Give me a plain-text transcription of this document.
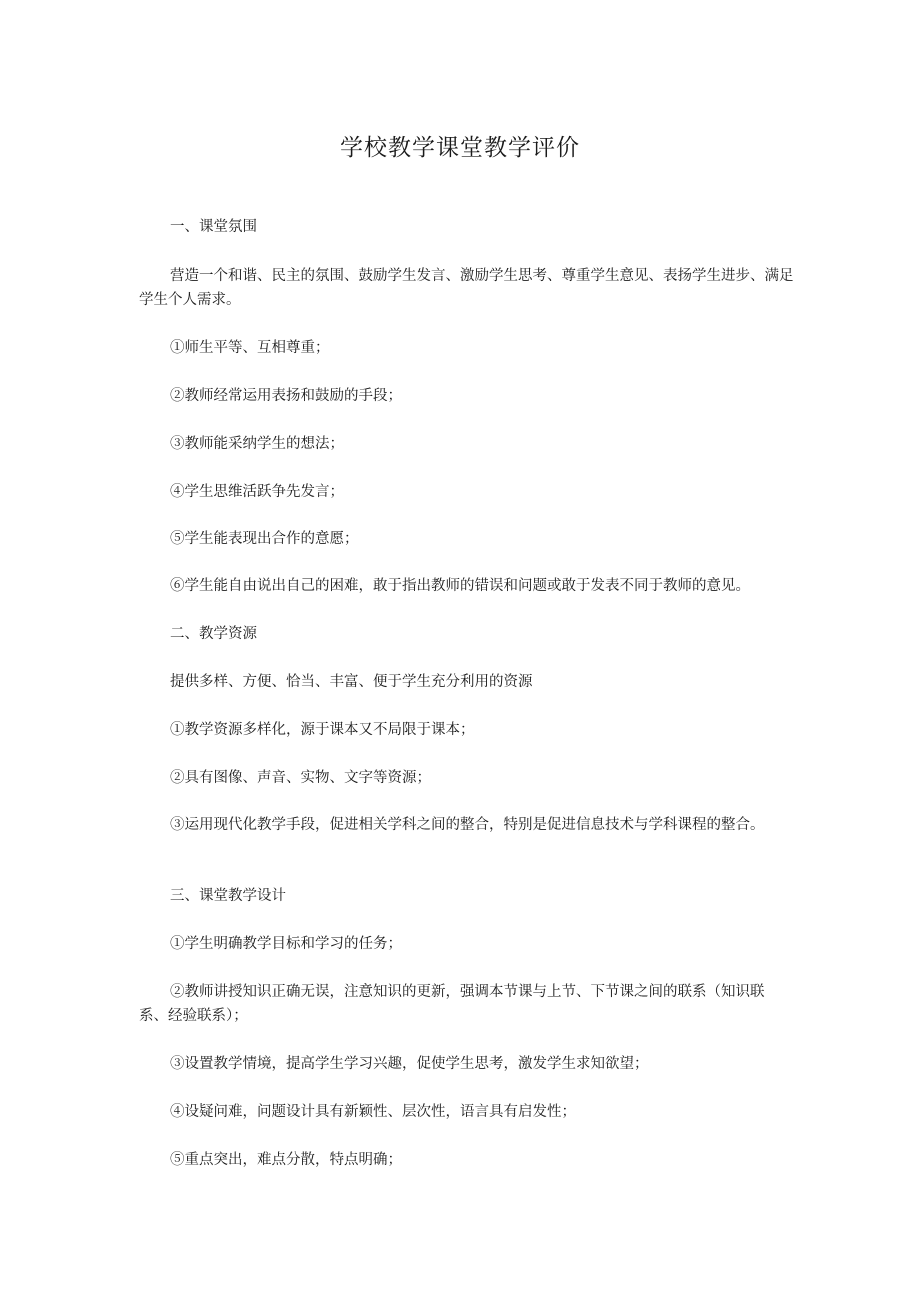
学校教学课堂教学评价
一、课堂氛围
营造一个和谐、民主的氛围、鼓励学生发言、激励学生思考、尊重学生意见、表扬学生进步、满足学生个人需求。
①师生平等、互相尊重；
②教师经常运用表扬和鼓励的手段；
③教师能采纳学生的想法；
④学生思维活跃争先发言；
⑤学生能表现出合作的意愿；
⑥学生能自由说出自己的困难，敢于指出教师的错误和问题或敢于发表不同于教师的意见。
二、教学资源
提供多样、方便、恰当、丰富、便于学生充分利用的资源
①教学资源多样化，源于课本又不局限于课本；
②具有图像、声音、实物、文字等资源；
③运用现代化教学手段，促进相关学科之间的整合，特别是促进信息技术与学科课程的整合。
三、课堂教学设计
①学生明确教学目标和学习的任务；
②教师讲授知识正确无误，注意知识的更新，强调本节课与上节、下节课之间的联系（知识联系、经验联系）；
③设置教学情境，提高学生学习兴趣，促使学生思考，激发学生求知欲望；
④设疑问难，问题设计具有新颖性、层次性，语言具有启发性；
⑤重点突出，难点分散，特点明确；
